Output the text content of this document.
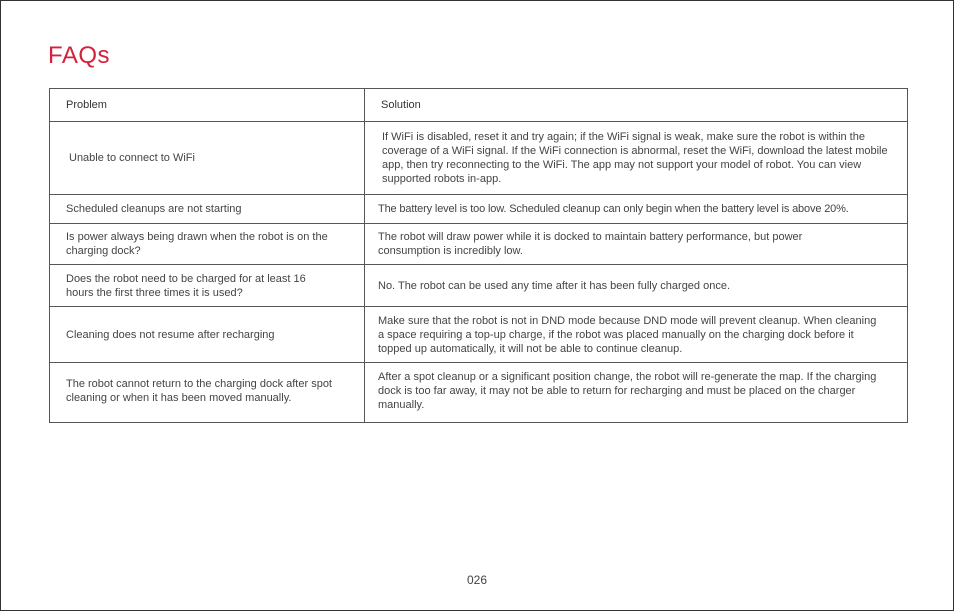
FAQs
Problem	Solution
Unable to connect to WiFi	If WiFi is disabled, reset it and try again; if the WiFi signal is weak, make sure the robot is within the coverage of a WiFi signal. If the WiFi connection is abnormal, reset the WiFi, download the latest mobile app, then try reconnecting to the WiFi. The app may not support your model of robot. You can view supported robots in-app.
Scheduled cleanups are not starting	The battery level is too low. Scheduled cleanup can only begin when the battery level is above 20%.
Is power always being drawn when the robot is on the charging dock?	The robot will draw power while it is docked to maintain battery performance, but power consumption is incredibly low.
Does the robot need to be charged for at least 16 hours the first three times it is used?	No. The robot can be used any time after it has been fully charged once.
Cleaning does not resume after recharging	Make sure that the robot is not in DND mode because DND mode will prevent cleanup. When cleaning a space requiring a top-up charge, if the robot was placed manually on the charging dock before it topped up automatically, it will not be able to continue cleanup.
The robot cannot return to the charging dock after spot cleaning or when it has been moved manually.	After a spot cleanup or a significant position change, the robot will re-generate the map. If the charging dock is too far away, it may not be able to return for recharging and must be placed on the charger manually.
026
